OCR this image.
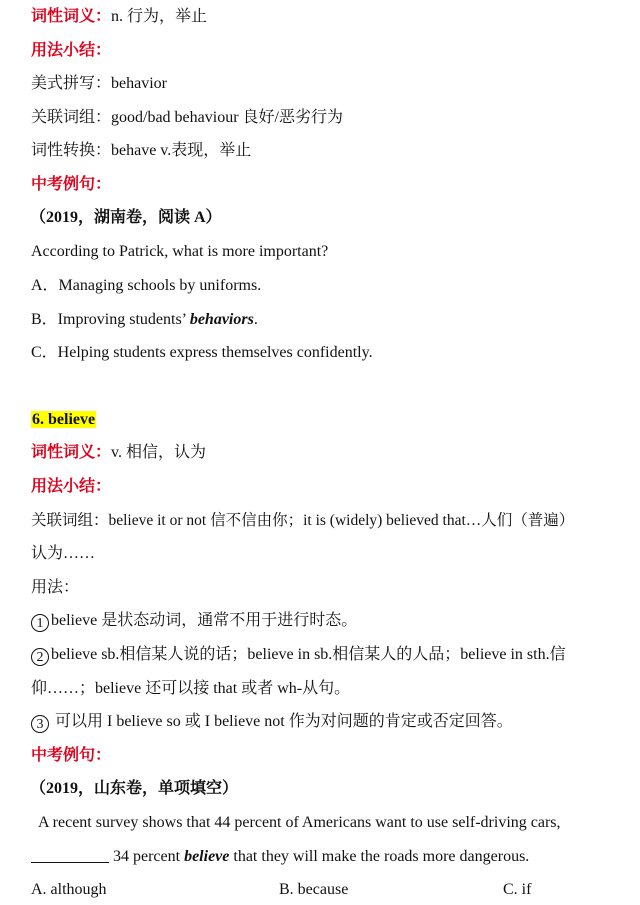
词性词义：n. 行为，举止
用法小结：
美式拼写：behavior
关联词组：good/bad behaviour 良好/恶劣行为
词性转换：behave v.表现，举止
中考例句：
（2019，湖南卷，阅读 A）
According to Patrick, what is more important?
A．Managing schools by uniforms.
B．Improving students’ behaviors.
C．Helping students express themselves confidently.
6. believe
词性词义：v. 相信，认为
用法小结：
关联词组：believe it or not 信不信由你；it is (widely) believed that…人们（普遍）
认为……
用法：
1 believe 是状态动词，通常不用于进行时态。
2 believe sb.相信某人说的话；believe in sb.相信某人的人品；believe in sth.信
仰……；believe 还可以接 that 或者 wh-从句。
3 可以用 I believe so 或 I believe not 作为对问题的肯定或否定回答。
中考例句：
（2019，山东卷，单项填空）
A recent survey shows that 44 percent of Americans want to use self-driving cars,
34 percent believe that they will make the roads more dangerous.
A. although	B. because	C. if
